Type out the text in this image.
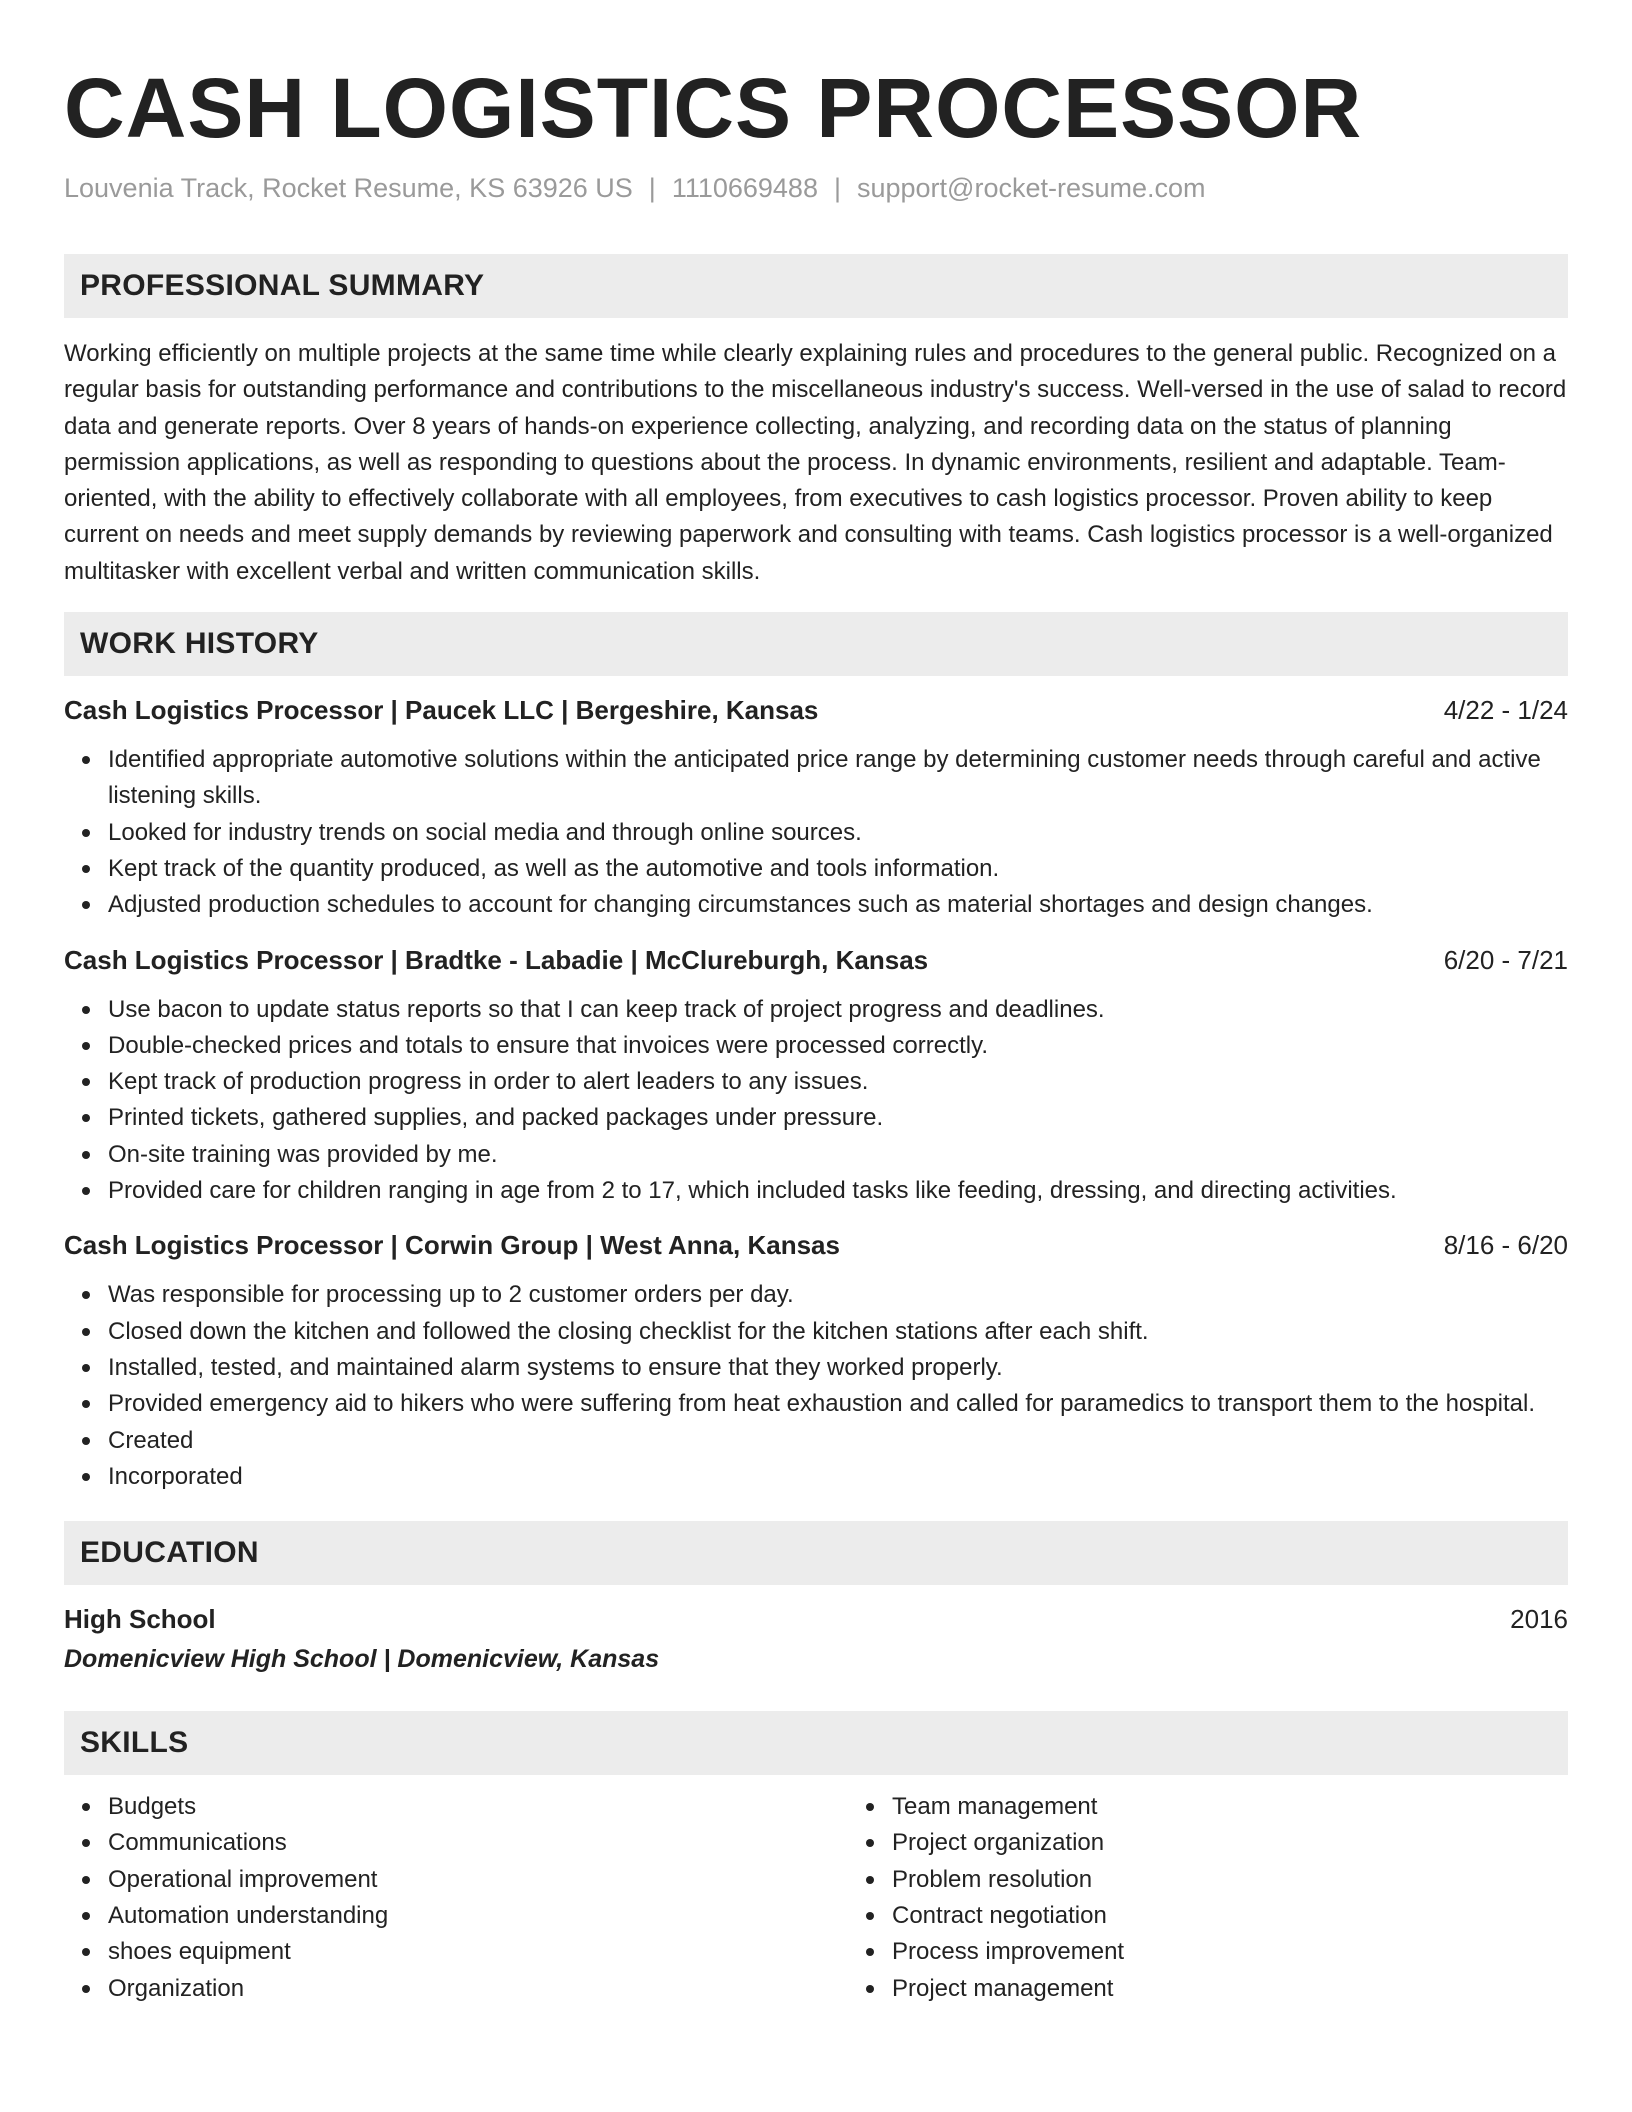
CASH LOGISTICS PROCESSOR
Louvenia Track, Rocket Resume, KS 63926 US | 1110669488 | support@rocket-resume.com
PROFESSIONAL SUMMARY
Working efficiently on multiple projects at the same time while clearly explaining rules and procedures to the general public. Recognized on a regular basis for outstanding performance and contributions to the miscellaneous industry's success. Well-versed in the use of salad to record data and generate reports. Over 8 years of hands-on experience collecting, analyzing, and recording data on the status of planning permission applications, as well as responding to questions about the process. In dynamic environments, resilient and adaptable. Team-oriented, with the ability to effectively collaborate with all employees, from executives to cash logistics processor. Proven ability to keep current on needs and meet supply demands by reviewing paperwork and consulting with teams. Cash logistics processor is a well-organized multitasker with excellent verbal and written communication skills.
WORK HISTORY
Cash Logistics Processor | Paucek LLC | Bergeshire, Kansas	4/22 - 1/24
Identified appropriate automotive solutions within the anticipated price range by determining customer needs through careful and active listening skills.
Looked for industry trends on social media and through online sources.
Kept track of the quantity produced, as well as the automotive and tools information.
Adjusted production schedules to account for changing circumstances such as material shortages and design changes.
Cash Logistics Processor | Bradtke - Labadie | McClureburgh, Kansas	6/20 - 7/21
Use bacon to update status reports so that I can keep track of project progress and deadlines.
Double-checked prices and totals to ensure that invoices were processed correctly.
Kept track of production progress in order to alert leaders to any issues.
Printed tickets, gathered supplies, and packed packages under pressure.
On-site training was provided by me.
Provided care for children ranging in age from 2 to 17, which included tasks like feeding, dressing, and directing activities.
Cash Logistics Processor | Corwin Group | West Anna, Kansas	8/16 - 6/20
Was responsible for processing up to 2 customer orders per day.
Closed down the kitchen and followed the closing checklist for the kitchen stations after each shift.
Installed, tested, and maintained alarm systems to ensure that they worked properly.
Provided emergency aid to hikers who were suffering from heat exhaustion and called for paramedics to transport them to the hospital.
Created
Incorporated
EDUCATION
High School	2016
Domenicview High School | Domenicview, Kansas
SKILLS
Budgets
Communications
Operational improvement
Automation understanding
shoes equipment
Organization
Team management
Project organization
Problem resolution
Contract negotiation
Process improvement
Project management
